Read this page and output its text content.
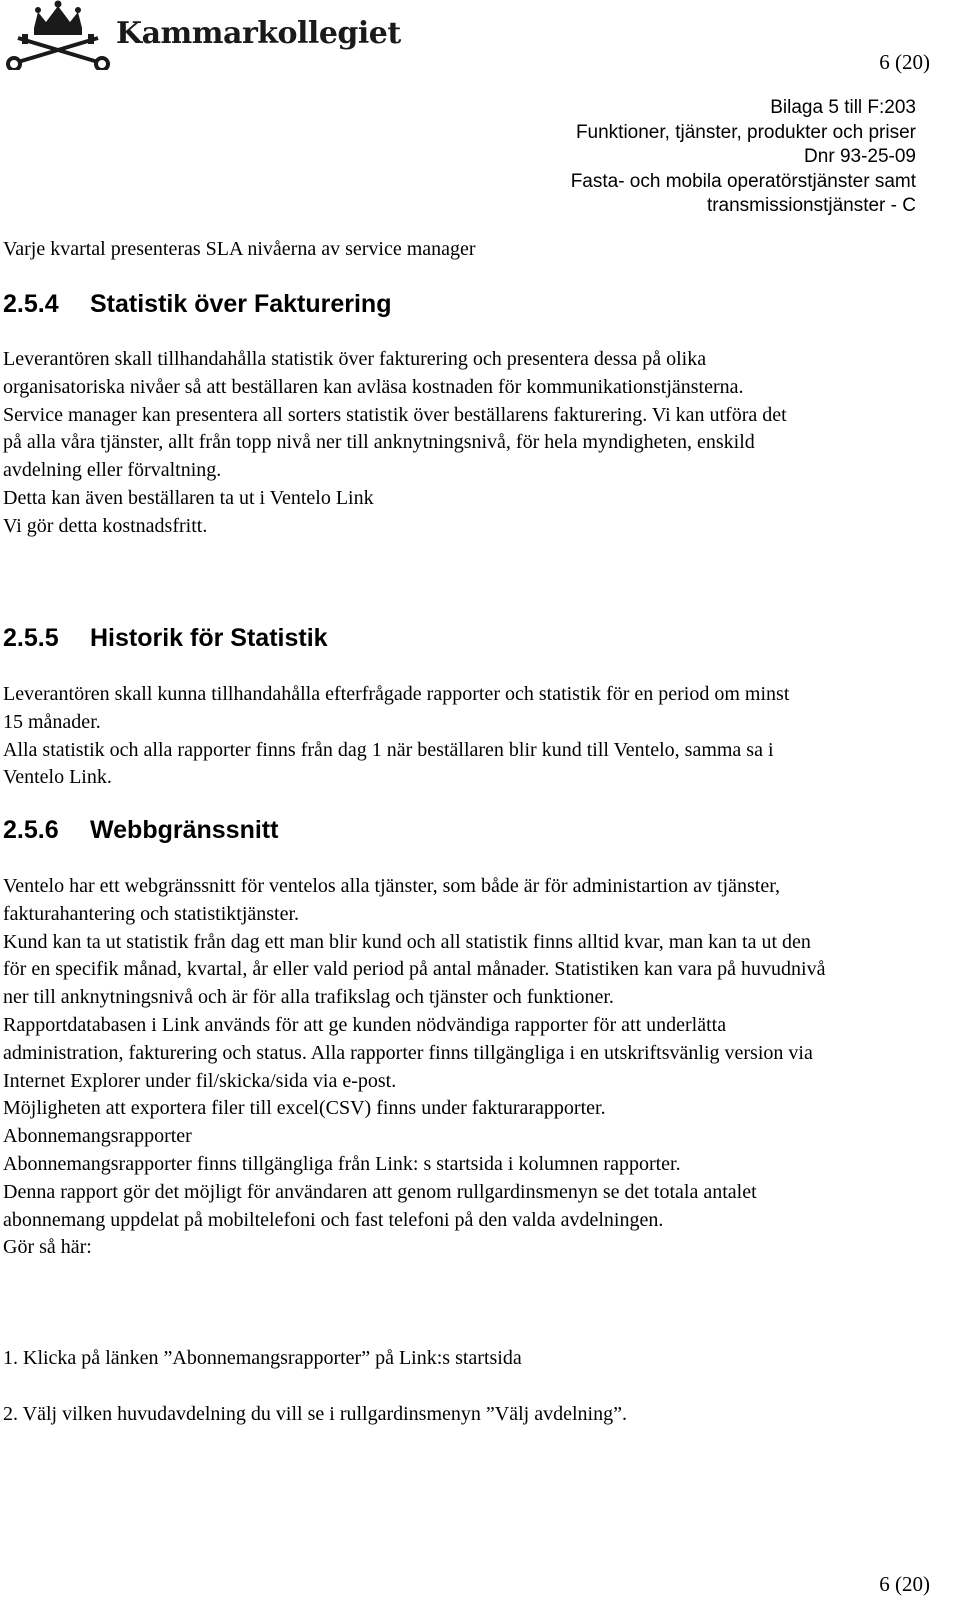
Kammarkollegiet
6 (20)
Bilaga 5 till F:203
Funktioner, tjänster, produkter och priser
Dnr 93-25-09
Fasta- och mobila operatörstjänster samt
transmissionstjänster - C
Varje kvartal presenteras SLA nivåerna av service manager
2.5.4 Statistik över Fakturering

Leverantören skall tillhandahålla statistik över fakturering och presentera dessa på olika organisatoriska nivåer så att beställaren kan avläsa kostnaden för kommunikationstjänsterna.

Service manager kan presentera all sorters statistik över beställarens fakturering. Vi kan utföra det på alla våra tjänster, allt från topp nivå ner till anknytningsnivå, för hela myndigheten, enskild avdelning eller förvaltning.

Detta kan även beställaren ta ut i Ventelo Link

Vi gör detta kostnadsfritt.

2.5.5 Historik för Statistik

Leverantören skall kunna tillhandahålla efterfrågade rapporter och statistik för en period om minst 15 månader.

Alla statistik och alla rapporter finns från dag 1 när beställaren blir kund till Ventelo, samma sa i Ventelo Link.

2.5.6 Webbgränssnitt

Ventelo har ett webgränssnitt för ventelos alla tjänster, som både är för administartion av tjänster, fakturahantering och statistiktjänster.

Kund kan ta ut statistik från dag ett man blir kund och all statistik finns alltid kvar, man kan ta ut den för en specifik månad, kvartal, år eller vald period på antal månader. Statistiken kan vara på huvudnivå ner till anknytningsnivå och är för alla trafikslag och tjänster och funktioner.

Rapportdatabasen i Link används för att ge kunden nödvändiga rapporter för att underlätta administration, fakturering och status. Alla rapporter finns tillgängliga i en utskriftsvänlig version via Internet Explorer under fil/skicka/sida via e-post.

Möjligheten att exportera filer till excel(CSV) finns under fakturarapporter.

Abonnemangsrapporter

Abonnemangsrapporter finns tillgängliga från Link: s startsida i kolumnen rapporter.

Denna rapport gör det möjligt för användaren att genom rullgardinsmenyn se det totala antalet abonnemang uppdelat på mobiltelefoni och fast telefoni på den valda avdelningen.

Gör så här:

1. Klicka på länken ”Abonnemangsrapporter” på Link:s startsida
2. Välj vilken huvudavdelning du vill se i rullgardinsmenyn ”Välj avdelning”.
6 (20)
